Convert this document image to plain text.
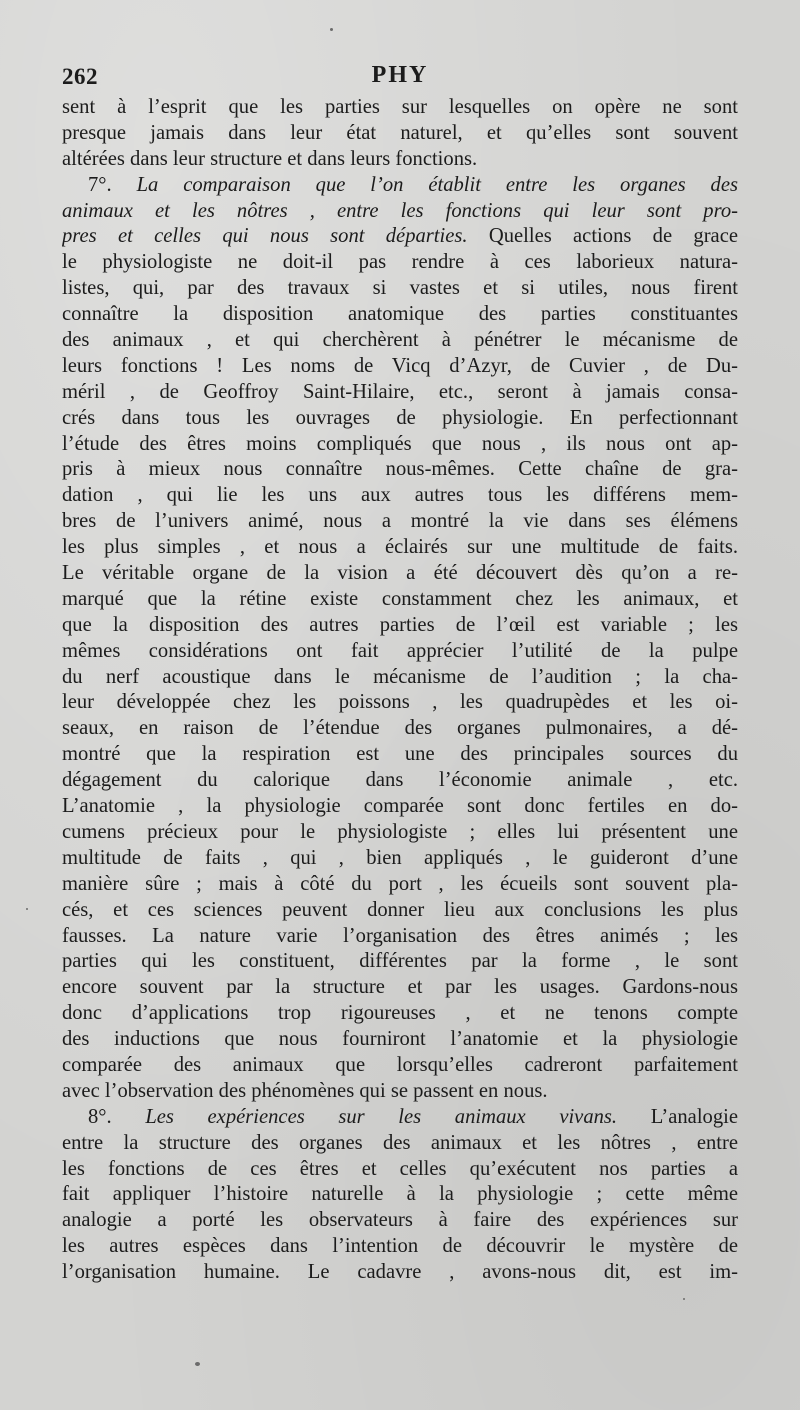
262	PHY
sent à l’esprit que les parties sur lesquelles on opère ne sont
presque jamais dans leur état naturel, et qu’elles sont souvent
altérées dans leur structure et dans leurs fonctions.
7°. La comparaison que l’on établit entre les organes des
animaux et les nôtres , entre les fonctions qui leur sont pro-
pres et celles qui nous sont départies. Quelles actions de grace
le physiologiste ne doit-il pas rendre à ces laborieux natura-
listes, qui, par des travaux si vastes et si utiles, nous firent
connaître la disposition anatomique des parties constituantes
des animaux , et qui cherchèrent à pénétrer le mécanisme de
leurs fonctions ! Les noms de Vicq d’Azyr, de Cuvier , de Du-
méril , de Geoffroy Saint-Hilaire, etc., seront à jamais consa-
crés dans tous les ouvrages de physiologie. En perfectionnant
l’étude des êtres moins compliqués que nous , ils nous ont ap-
pris à mieux nous connaître nous-mêmes. Cette chaîne de gra-
dation , qui lie les uns aux autres tous les différens mem-
bres de l’univers animé, nous a montré la vie dans ses élémens
les plus simples , et nous a éclairés sur une multitude de faits.
Le véritable organe de la vision a été découvert dès qu’on a re-
marqué que la rétine existe constamment chez les animaux, et
que la disposition des autres parties de l’œil est variable ; les
mêmes considérations ont fait apprécier l’utilité de la pulpe
du nerf acoustique dans le mécanisme de l’audition ; la cha-
leur développée chez les poissons , les quadrupèdes et les oi-
seaux, en raison de l’étendue des organes pulmonaires, a dé-
montré que la respiration est une des principales sources du
dégagement du calorique dans l’économie animale , etc.
L’anatomie , la physiologie comparée sont donc fertiles en do-
cumens précieux pour le physiologiste ; elles lui présentent une
multitude de faits , qui , bien appliqués , le guideront d’une
manière sûre ; mais à côté du port , les écueils sont souvent pla-
cés, et ces sciences peuvent donner lieu aux conclusions les plus
fausses. La nature varie l’organisation des êtres animés ; les
parties qui les constituent, différentes par la forme , le sont
encore souvent par la structure et par les usages. Gardons-nous
donc d’applications trop rigoureuses , et ne tenons compte
des inductions que nous fourniront l’anatomie et la physiologie
comparée des animaux que lorsqu’elles cadreront parfaitement
avec l’observation des phénomènes qui se passent en nous.
8°. Les expériences sur les animaux vivans. L’analogie
entre la structure des organes des animaux et les nôtres , entre
les fonctions de ces êtres et celles qu’exécutent nos parties a
fait appliquer l’histoire naturelle à la physiologie ; cette même
analogie a porté les observateurs à faire des expériences sur
les autres espèces dans l’intention de découvrir le mystère de
l’organisation humaine. Le cadavre , avons-nous dit, est im-
